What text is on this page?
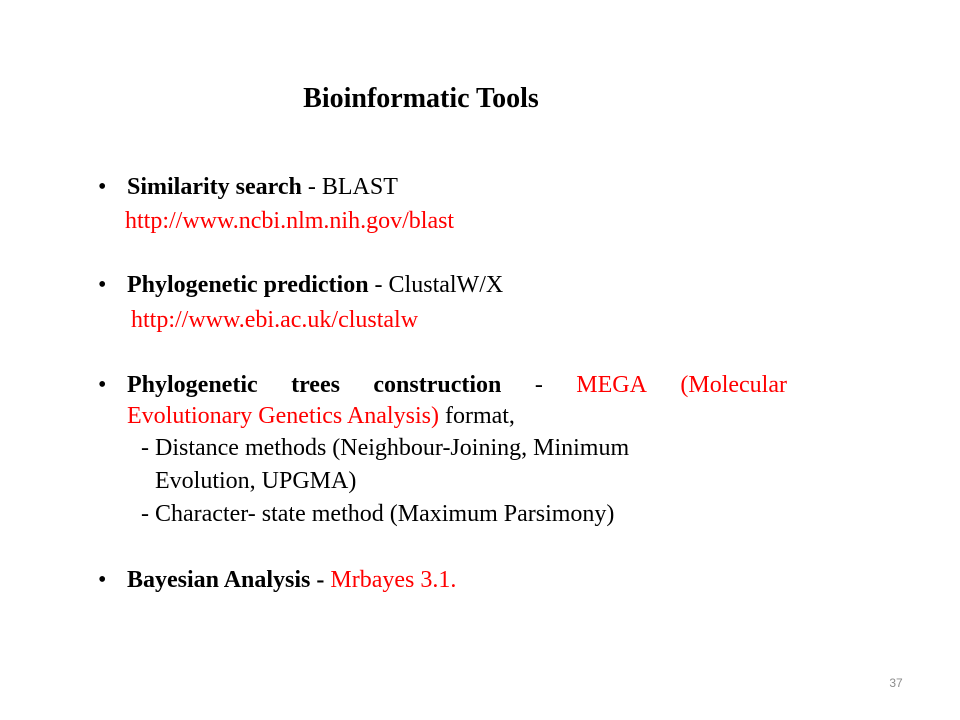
Bioinformatic Tools
• Similarity search - BLAST
http://www.ncbi.nlm.nih.gov/blast
• Phylogenetic prediction - ClustalW/X
http://www.ebi.ac.uk/clustalw
• Phylogenetic trees construction - MEGA (Molecular
Evolutionary Genetics Analysis) format,
- Distance methods (Neighbour-Joining, Minimum
Evolution, UPGMA)
- Character- state method (Maximum Parsimony)
• Bayesian Analysis - Mrbayes 3.1.
37
